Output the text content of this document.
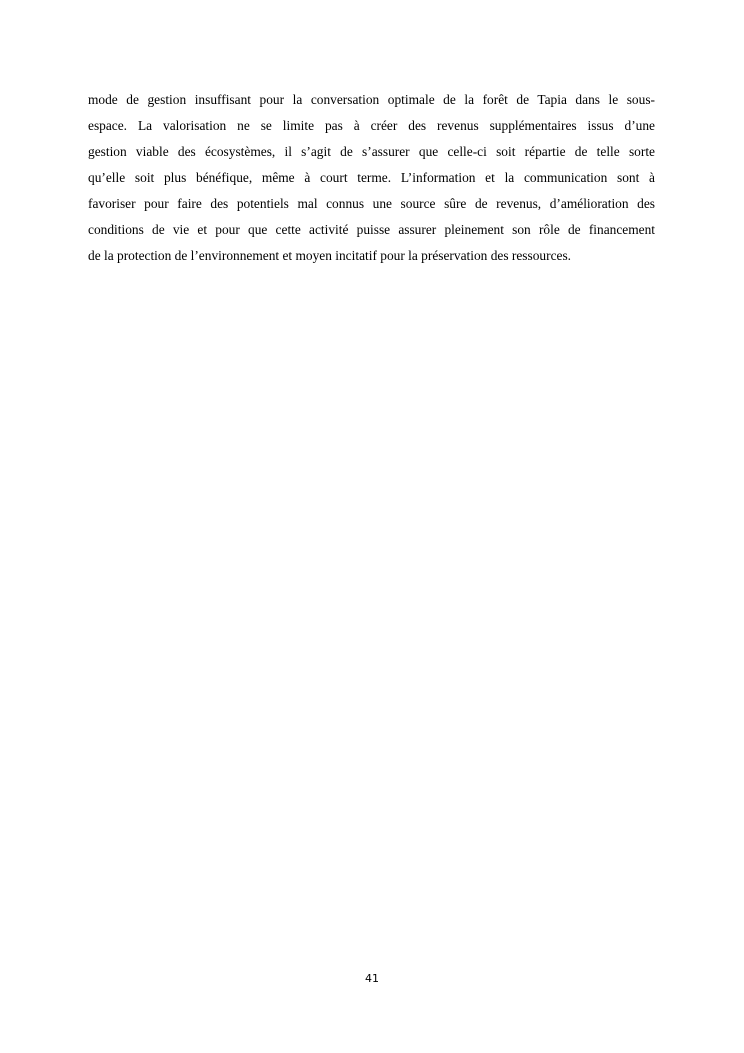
mode de gestion insuffisant pour la conversation optimale de la forêt de Tapia dans le sous-
espace. La valorisation ne se limite pas à créer des revenus supplémentaires issus d’une
gestion viable des écosystèmes, il s’agit de s’assurer que celle-ci soit répartie de telle sorte
qu’elle soit plus bénéfique, même à court terme. L’information et la communication sont à
favoriser pour faire des potentiels mal connus une source sûre de revenus, d’amélioration des
conditions de vie et pour que cette activité puisse assurer pleinement son rôle de financement
de la protection de l’environnement et moyen incitatif pour la préservation des ressources.

41
